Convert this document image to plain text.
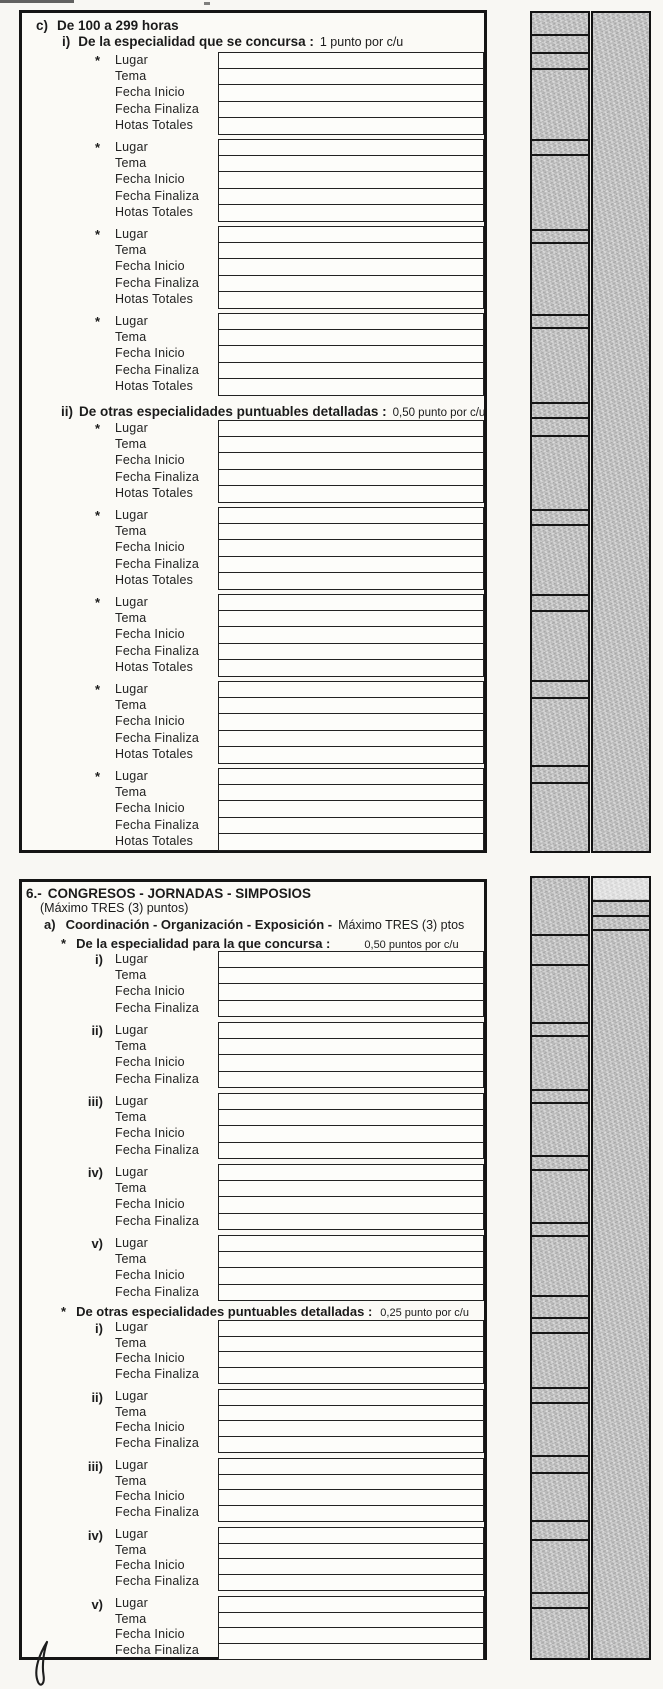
c) De 100 a 299 horas
i) De la especialidad que se concursa : 1 punto por c/u
ii) De otras especialidades puntuables detalladas : 0,50 punto por c/u
* Lugar
Tema
Fecha Inicio
Fecha Finaliza
Hotas Totales
* Lugar
Tema
Fecha Inicio
Fecha Finaliza
Hotas Totales
* Lugar
Tema
Fecha Inicio
Fecha Finaliza
Hotas Totales
* Lugar
Tema
Fecha Inicio
Fecha Finaliza
Hotas Totales
* Lugar
Tema
Fecha Inicio
Fecha Finaliza
Hotas Totales
* Lugar
Tema
Fecha Inicio
Fecha Finaliza
Hotas Totales
* Lugar
Tema
Fecha Inicio
Fecha Finaliza
Hotas Totales
* Lugar
Tema
Fecha Inicio
Fecha Finaliza
Hotas Totales
* Lugar
Tema
Fecha Inicio
Fecha Finaliza
Hotas Totales
6.- CONGRESOS - JORNADAS - SIMPOSIOS
(Máximo TRES (3) puntos)
a) Coordinación - Organización - Exposición - Máximo TRES (3) ptos
* De la especialidad para la que concursa :	0,50 puntos por c/u
* De otras especialidades puntuables detalladas : 0,25 punto por c/u
i) Lugar
Tema
Fecha Inicio
Fecha Finaliza
ii) Lugar
Tema
Fecha Inicio
Fecha Finaliza
iii) Lugar
Tema
Fecha Inicio
Fecha Finaliza
iv) Lugar
Tema
Fecha Inicio
Fecha Finaliza
v) Lugar
Tema
Fecha Inicio
Fecha Finaliza
i) Lugar
Tema
Fecha Inicio
Fecha Finaliza
ii) Lugar
Tema
Fecha Inicio
Fecha Finaliza
iii) Lugar
Tema
Fecha Inicio
Fecha Finaliza
iv) Lugar
Tema
Fecha Inicio
Fecha Finaliza
v) Lugar
Tema
Fecha Inicio
Fecha Finaliza
